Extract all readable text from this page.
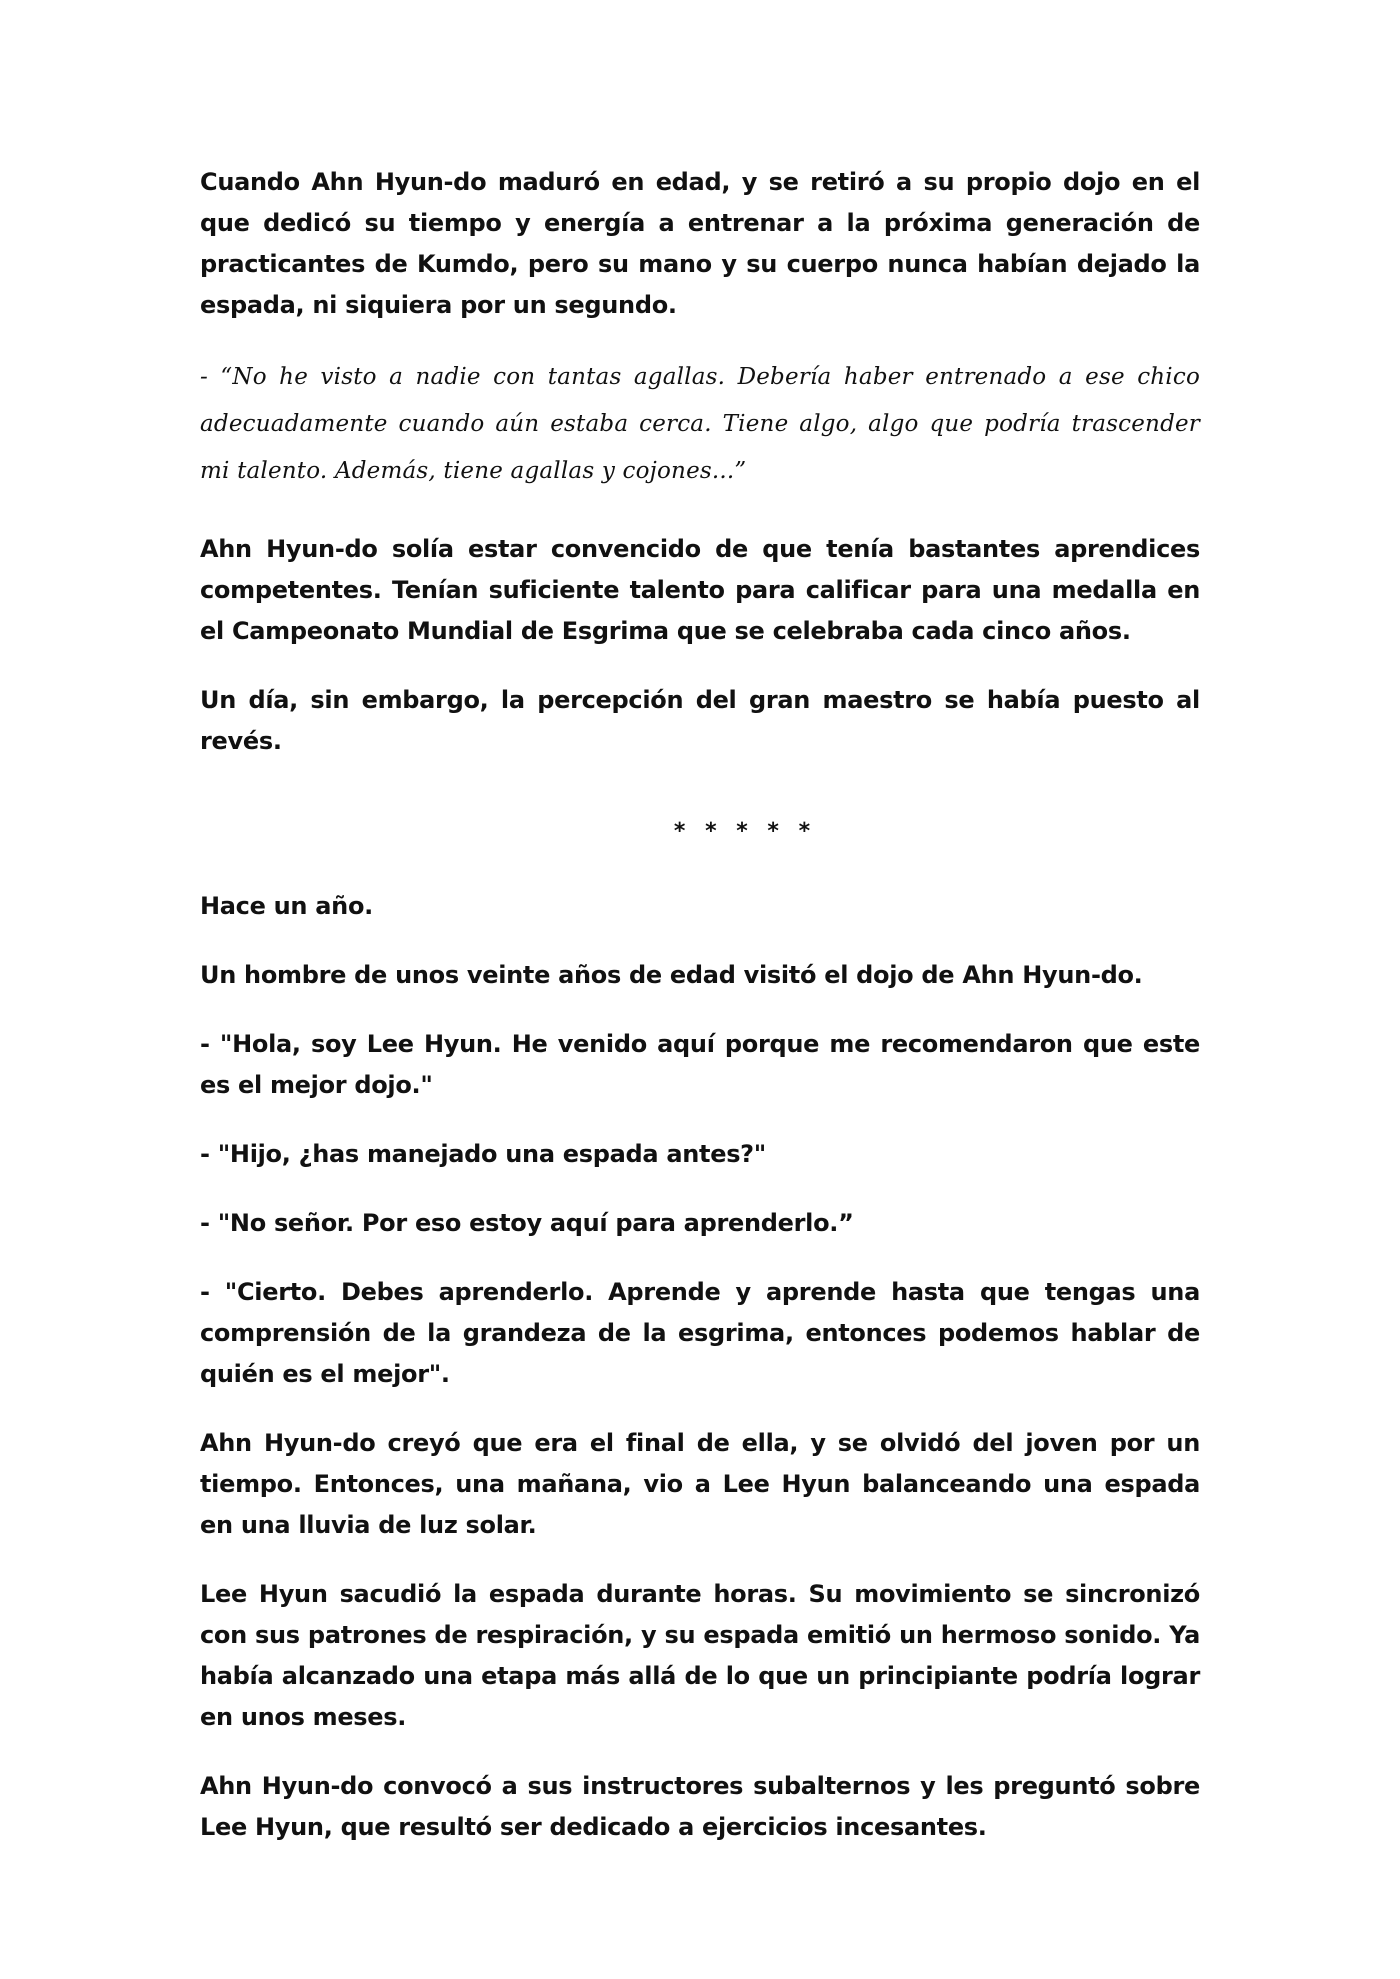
Cuando Ahn Hyun-do maduró en edad, y se retiró a su propio dojo en el que dedicó su tiempo y energía a entrenar a la próxima generación de practicantes de Kumdo, pero su mano y su cuerpo nunca habían dejado la espada, ni siquiera por un segundo.

- “No he visto a nadie con tantas agallas. Debería haber entrenado a ese chico adecuadamente cuando aún estaba cerca. Tiene algo, algo que podría trascender mi talento. Además, tiene agallas y cojones...”

Ahn Hyun-do solía estar convencido de que tenía bastantes aprendices competentes. Tenían suficiente talento para calificar para una medalla en el Campeonato Mundial de Esgrima que se celebraba cada cinco años.

Un día, sin embargo, la percepción del gran maestro se había puesto al revés.

* * * * *

Hace un año.

Un hombre de unos veinte años de edad visitó el dojo de Ahn Hyun-do.

- "Hola, soy Lee Hyun. He venido aquí porque me recomendaron que este es el mejor dojo."

- "Hijo, ¿has manejado una espada antes?"

- "No señor. Por eso estoy aquí para aprenderlo.”

- "Cierto. Debes aprenderlo. Aprende y aprende hasta que tengas una comprensión de la grandeza de la esgrima, entonces podemos hablar de quién es el mejor".

Ahn Hyun-do creyó que era el final de ella, y se olvidó del joven por un tiempo. Entonces, una mañana, vio a Lee Hyun balanceando una espada en una lluvia de luz solar.

Lee Hyun sacudió la espada durante horas. Su movimiento se sincronizó con sus patrones de respiración, y su espada emitió un hermoso sonido. Ya había alcanzado una etapa más allá de lo que un principiante podría lograr en unos meses.

Ahn Hyun-do convocó a sus instructores subalternos y les preguntó sobre Lee Hyun, que resultó ser dedicado a ejercicios incesantes.
